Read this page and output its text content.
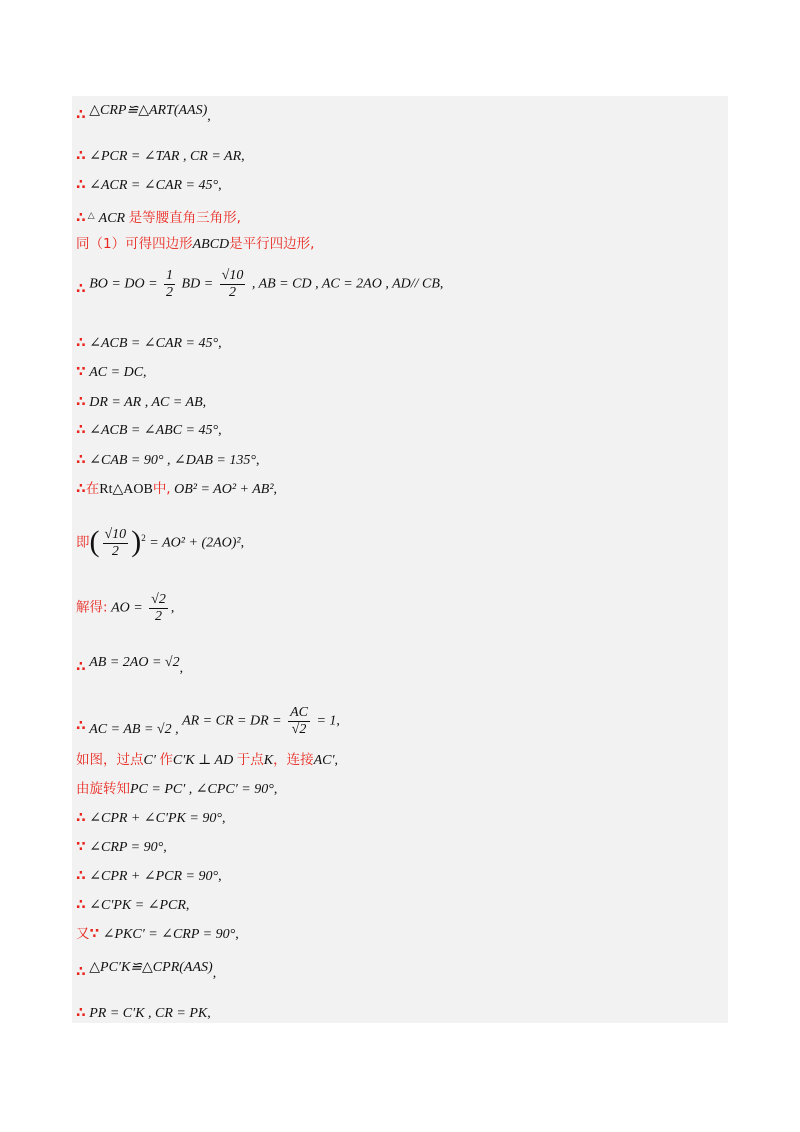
∴ △CRP≌△ART(AAS),
∴ ∠PCR = ∠TAR , CR = AR,
∴ ∠ACR = ∠CAR = 45°,
∴ △ ACR 是等腰直角三角形,
同（1）可得四边形ABCD是平行四边形,
∴ BO = DO = $\frac{1}{2}$ BD = $\frac{√10}{2}$ , AB = CD , AC = 2AO , AD// CB,
∴ ∠ACB = ∠CAR = 45°,
∵ AC = DC,
∴ DR = AR , AC = AB,
∴ ∠ACB = ∠ABC = 45°,
∴ ∠CAB = 90° , ∠DAB = 135°,
∴在Rt△AOB中, OB² = AO² + AB²,
即( $\frac{√10}{2} )^2 = AO^2 + (2AO)^2$,
解得: AO = $\frac{√2}{2}$ ,
∴ AB = 2AO = √2,
∴ AC = AB = √2 , AR = CR = DR = $\frac{AC}{√2} = 1$,
如图，过点C′ 作C′K ⊥ AD 于点K，连接AC′,
由旋转知PC = PC′ , ∠CPC′ = 90°,
∴ ∠CPR + ∠C′PK = 90°,
∵ ∠CRP = 90°,
∴ ∠CPR + ∠PCR = 90°,
∴ ∠C′PK = ∠PCR,
又∵ ∠PKC′ = ∠CRP = 90°,
∴ △PC′K≌△CPR(AAS),
∴ PR = C′K , CR = PK,
